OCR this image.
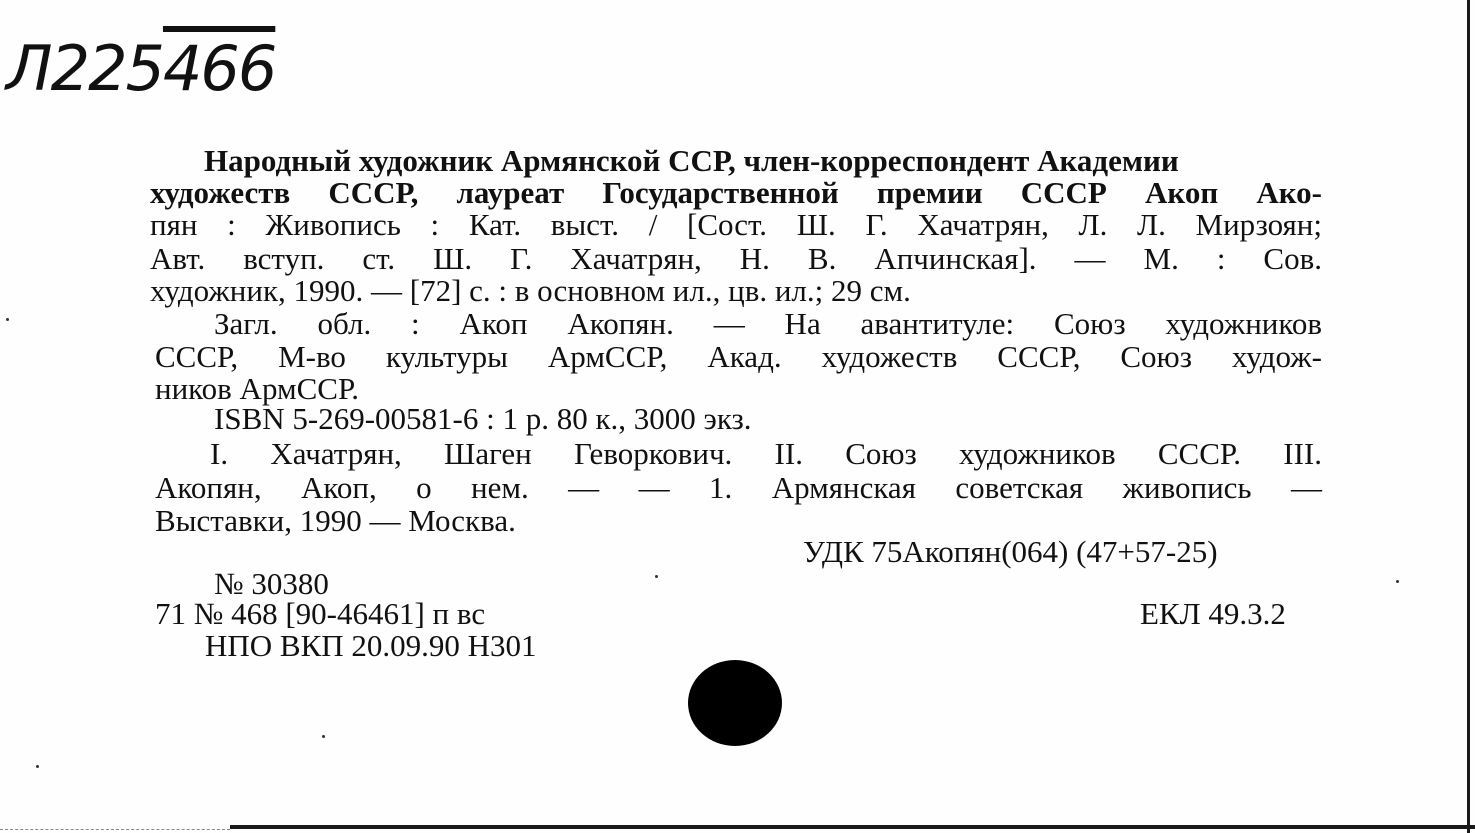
Л225466
Народный художник Армянской ССР, член-корреспондент Академии
художеств СССР, лауреат Государственной премии СССР Акоп Ако-
пян : Живопись : Кат. выст. / [Сост. Ш. Г. Хачатрян, Л. Л. Мирзоян;
Авт. вступ. ст. Ш. Г. Хачатрян, Н. В. Апчинская]. — М. : Сов.
художник, 1990. — [72] с. : в основном ил., цв. ил.; 29 см.
Загл. обл. : Акоп Акопян. — На авантитуле: Союз художников
СССР, М-во культуры АрмССР, Акад. художеств СССР, Союз худож-
ников АрмССР.
ISBN 5-269-00581-6 : 1 р. 80 к., 3000 экз.
I. Хачатрян, Шаген Геворкович. II. Союз художников СССР. III.
Акопян, Акоп, о нем. — — 1. Армянская советская живопись —
Выставки, 1990 — Москва.
УДК 75Акопян(064) (47+57-25)
№ 30380
71 № 468 [90-46461] п вс	ЕКЛ 49.3.2
НПО ВКП 20.09.90 Н301
